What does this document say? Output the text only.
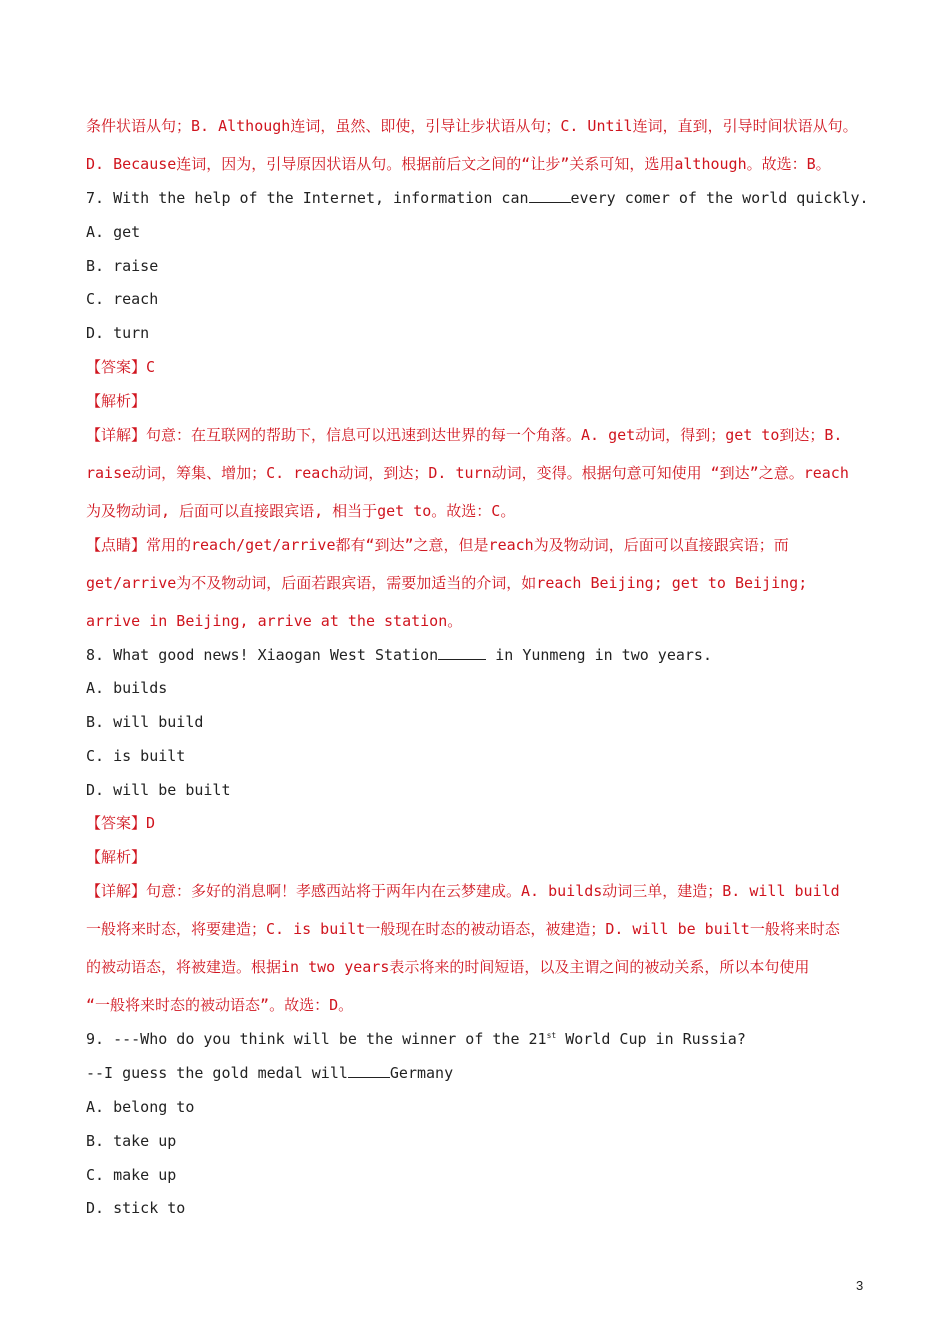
条件状语从句；B. Although连词，虽然、即使，引导让步状语从句；C. Until连词，直到，引导时间状语从句。
D. Because连词，因为，引导原因状语从句。根据前后文之间的“让步”关系可知，选用although。故选：B。
7. With the help of the Internet, information can	every comer of the world quickly.
A. get
B. raise
C. reach
D. turn
【答案】C
【解析】
【详解】句意：在互联网的帮助下，信息可以迅速到达世界的每一个角落。A. get动词，得到；get to到达；B.
raise动词，筹集、增加；C. reach动词，到达；D. turn动词，变得。根据句意可知使用 “到达”之意。reach
为及物动词, 后面可以直接跟宾语, 相当于get to。故选：C。
【点睛】常用的reach/get/arrive都有“到达”之意，但是reach为及物动词，后面可以直接跟宾语；而
get/arrive为不及物动词，后面若跟宾语，需要加适当的介词，如reach Beijing; get to Beijing;
arrive in Beijing, arrive at the station。
8. What good news! Xiaogan West Station	in Yunmeng in two years.
A. builds
B. will build
C. is built
D. will be built
【答案】D
【解析】
【详解】句意：多好的消息啊！孝感西站将于两年内在云梦建成。A. builds动词三单，建造；B. will build
一般将来时态，将要建造；C. is built一般现在时态的被动语态，被建造；D. will be built一般将来时态
的被动语态，将被建造。根据in two years表示将来的时间短语，以及主谓之间的被动关系，所以本句使用
“一般将来时态的被动语态”。故选：D。
9. ---Who do you think will be the winner of the 21st World Cup in Russia?
--I guess the gold medal will	Germany
A. belong to
B. take up
C. make up
D. stick to
3
